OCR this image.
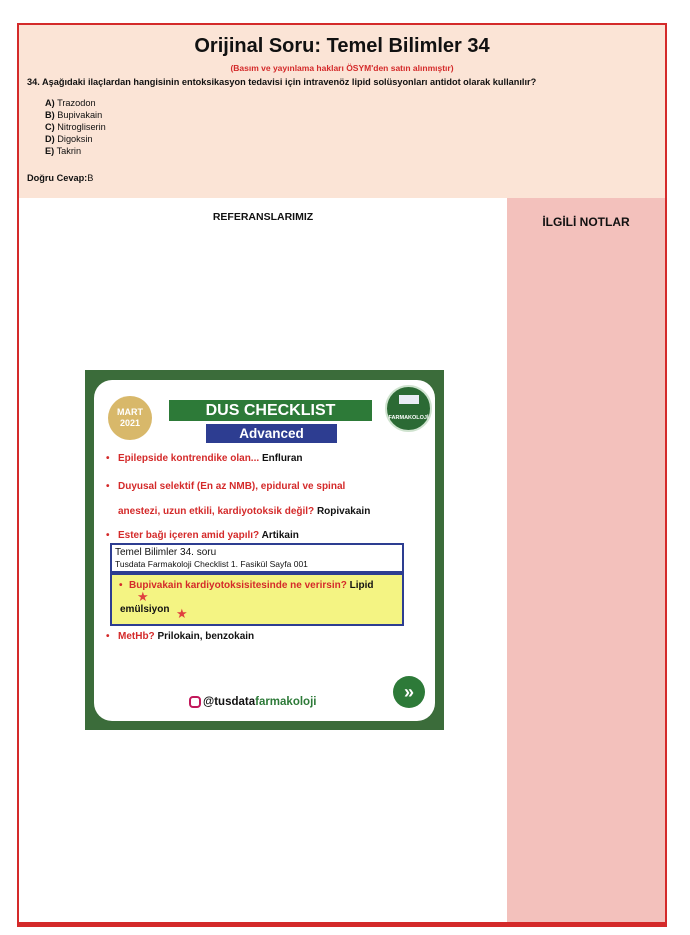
Orijinal Soru: Temel Bilimler 34
(Basım ve yayınlama hakları ÖSYM'den satın alınmıştır)
34. Aşağıdaki ilaçlardan hangisinin entoksikasyon tedavisi için intravenöz lipid solüsyonları antidot olarak kullanılır?
A) Trazodon
B) Bupivakain
C) Nitrogliserin
D) Digoksin
E) Takrin
Doğru Cevap:B
REFERANSLARIMIZ
MART
2021
DUS CHECKLIST
Advanced
FARMAKOLOJİ
• Epilepside kontrendike olan... Enfluran
• Duyusal selektif (En az NMB), epidural ve spinal
anestezi, uzun etkili, kardiyotoksik değil? Ropivakain
• Ester bağı içeren amid yapılı? Artikain
Temel Bilimler 34. soru
Tusdata Farmakoloji Checklist 1. Fasikül Sayfa 001
• Bupivakain kardiyotoksisitesinde ne verirsin? Lipid
emülsiyon
★
★
• MetHb? Prilokain, benzokain
»
@tusdatafarmakoloji
İLGİLİ NOTLAR
